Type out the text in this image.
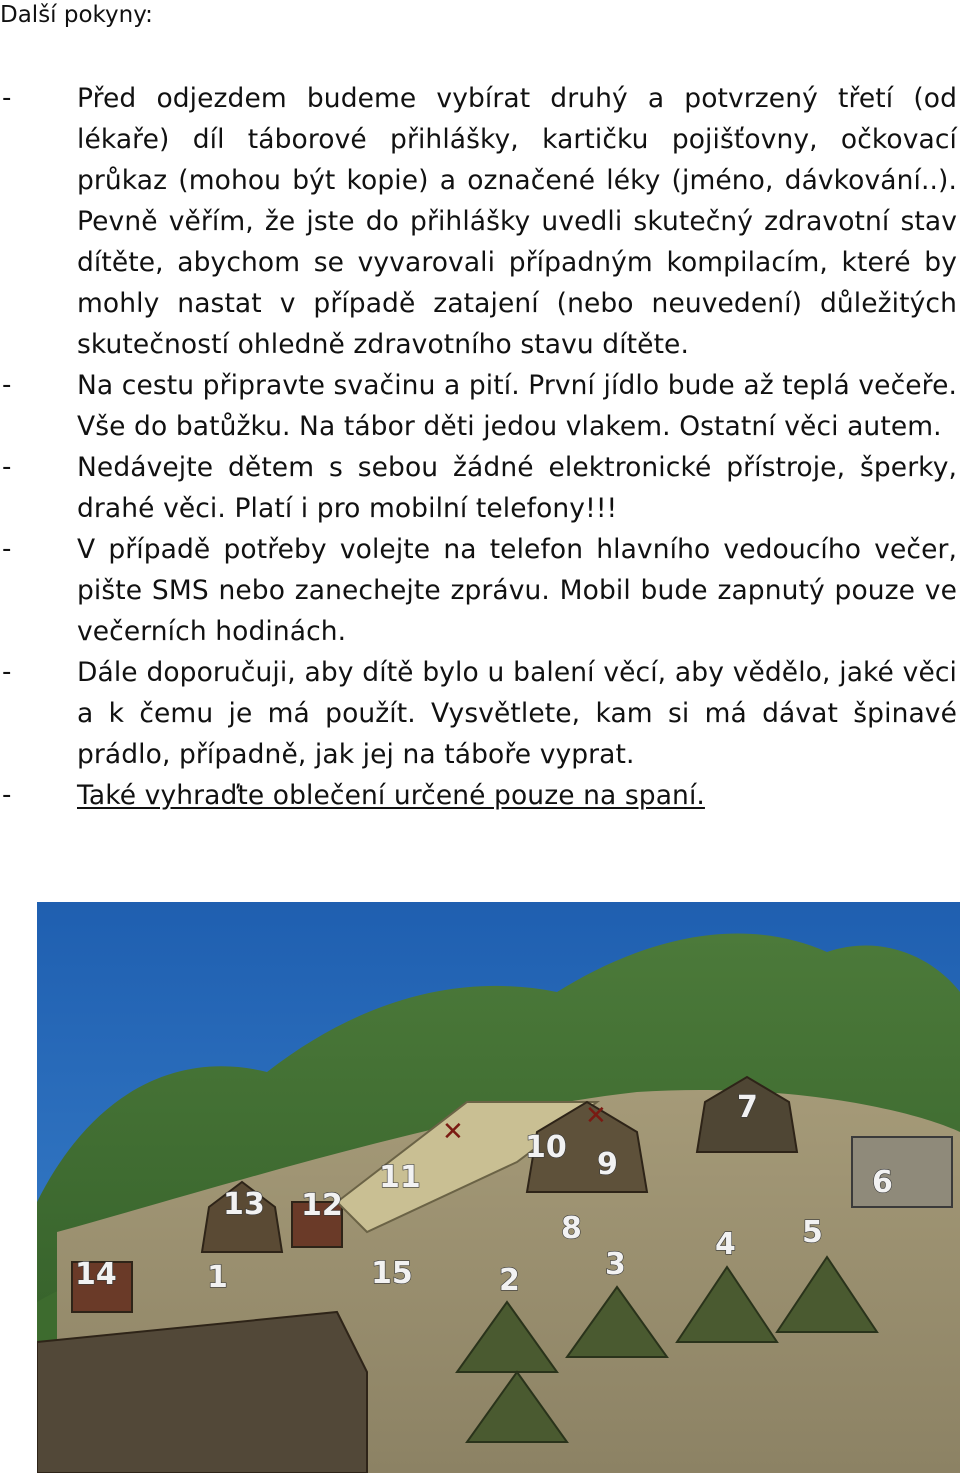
Další pokyny:
- Před odjezdem budeme vybírat druhý a potvrzený třetí (od lékaře) díl táborové přihlášky, kartičku pojišťovny, očkovací průkaz (mohou být kopie) a označené léky (jméno, dávkování..). Pevně věřím, že jste do přihlášky uvedli skutečný zdravotní stav dítěte, abychom se vyvarovali případným kompilacím, které by mohly nastat v případě zatajení (nebo neuvedení) důležitých skutečností ohledně zdravotního stavu dítěte.
- Na cestu připravte svačinu a pití. První jídlo bude až teplá večeře. Vše do batůžku. Na tábor děti jedou vlakem. Ostatní věci autem.
- Nedávejte dětem s sebou žádné elektronické přístroje, šperky, drahé věci. Platí i pro mobilní telefony!!!
- V případě potřeby volejte na telefon hlavního vedoucího večer, pište SMS nebo zanechejte zprávu. Mobil bude zapnutý pouze ve večerních hodinách.
- Dále doporučuji, aby dítě bylo u balení věcí, aby vědělo, jaké věci a k čemu je má použít. Vysvětlete, kam si má dávat špinavé prádlo, případně, jak jej na táboře vyprat.
- Také vyhraďte oblečení určené pouze na spaní.
✕
✕
1	2	3
4 5
6
7
8
9
10
11
12
13
14	15
